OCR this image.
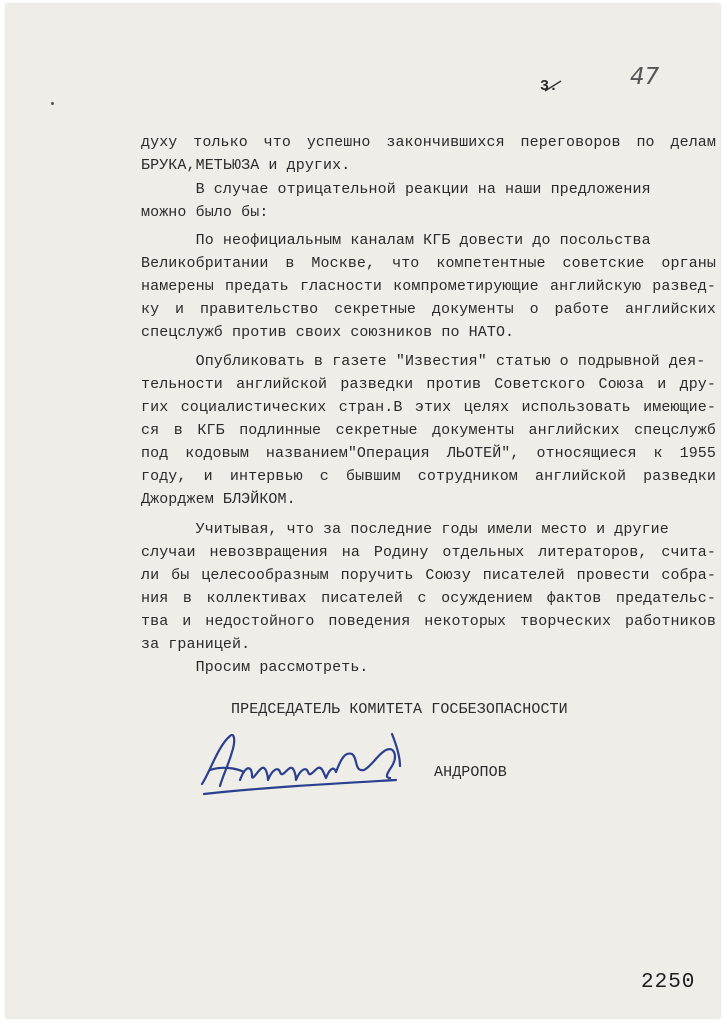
3.	47
духу только что успешно закончившихся переговоров по делам
БРУКА,МЕТЬЮЗА и других.
В случае отрицательной реакции на наши предложения
можно было бы:
По неофициальным каналам КГБ довести до посольства
Великобритании в Москве, что компетентные советские органы
намерены предать гласности компрометирующие английскую развед-
ку и правительство секретные документы о работе английских
спецслужб против своих союзников по НАТО.
Опубликовать в газете "Известия" статью о подрывной дея-
тельности английской разведки против Советского Союза и дру-
гих социалистических стран.В этих целях использовать имеющие-
ся в КГБ подлинные секретные документы английских спецслужб
под кодовым названием"Операция ЛЬОТЕЙ", относящиеся к 1955
году, и интервью с бывшим сотрудником английской разведки
Джорджем БЛЭЙКОМ.
Учитывая, что за последние годы имели место и другие
случаи невозвращения на Родину отдельных литераторов, счита-
ли бы целесообразным поручить Союзу писателей провести собра-
ния в коллективах писателей с осуждением фактов предательс-
тва и недостойного поведения некоторых творческих работников
за границей.
Просим рассмотреть.
ПРЕДСЕДАТЕЛЬ КОМИТЕТА ГОСБЕЗОПАСНОСТИ
АНДРОПОВ
2250
